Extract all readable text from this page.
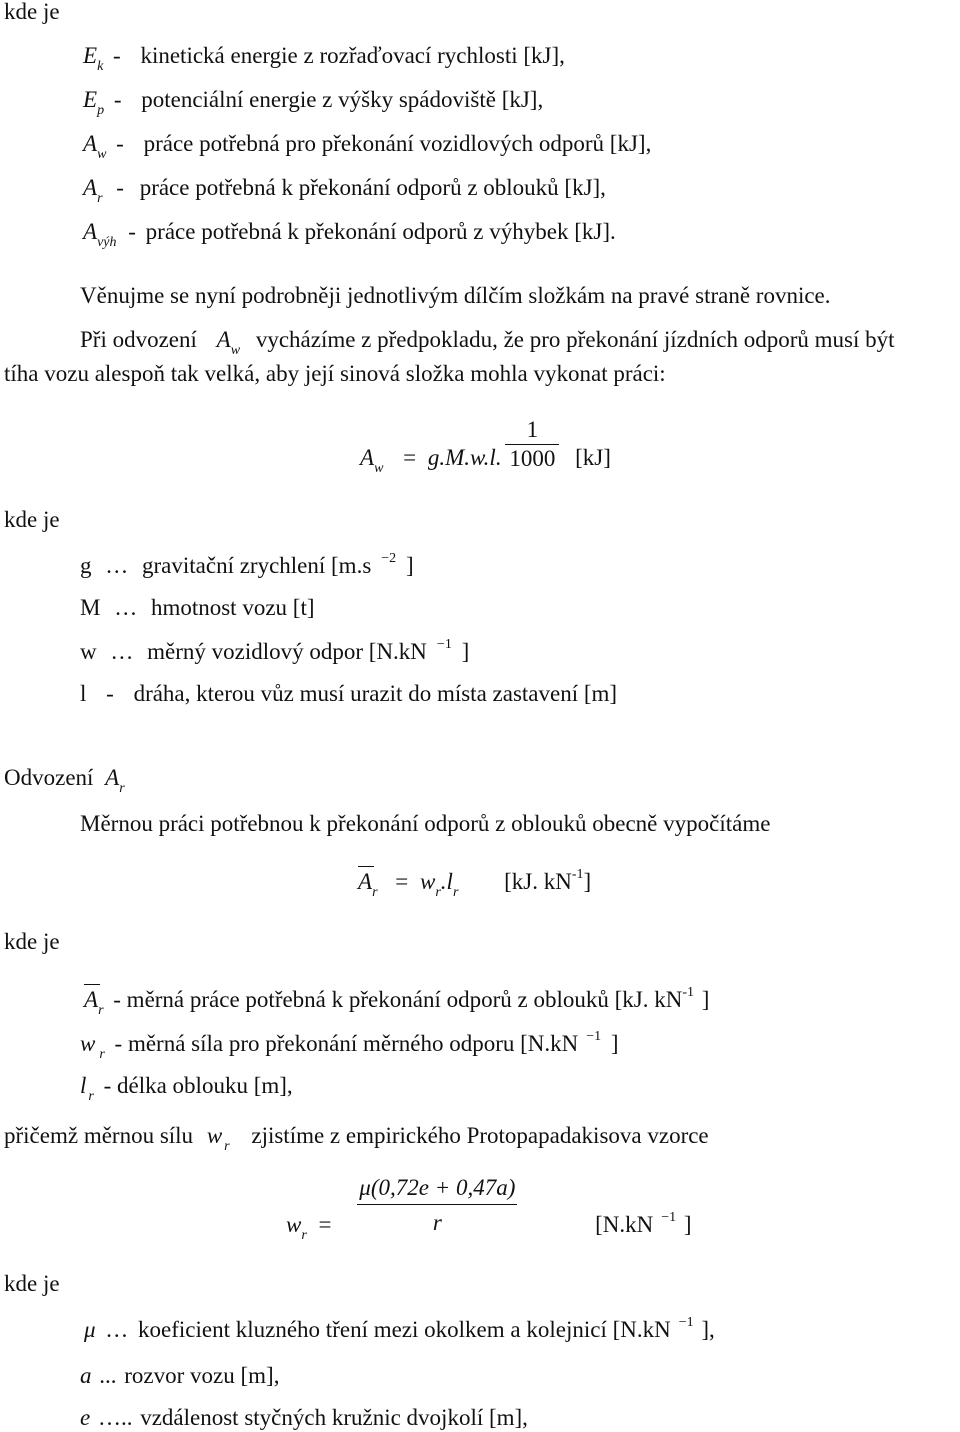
kde je
$E_k$ - kinetická energie z rozřaďovací rychlosti [kJ],
$E_p$ - potenciální energie z výšky spádoviště [kJ],
$A_w$ - práce potřebná pro překonání vozidlových odporů [kJ],
$A_r$ - práce potřebná k překonání odporů z oblouků [kJ],
$A_{výh}$ - práce potřebná k překonání odporů z výhybek [kJ].
Věnujme se nyní podrobněji jednotlivým dílčím složkám na pravé straně rovnice.
Při odvození $A_w$ vycházíme z předpokladu, že pro překonání jízdních odporů musí být
tíha vozu alespoň tak velká, aby její sinová složka mohla vykonat práci:
$A_w = g.M.w.l$. $\frac{1}{1000} [kJ]$
kde je
g … gravitační zrychlení [m.s $^{-2}$ ]
M … hmotnost vozu [t]
w … měrný vozidlový odpor [N.kN $^{-1}$ ]
l - dráha, kterou vůz musí urazit do místa zastavení [m]
Odvození $A_r$
Měrnou práci potřebnou k překonání odporů z oblouků obecně vypočítáme
$A_r = w_r.l_r$ [kJ. $kN^{-1}$]
kde je
$A_r$ - měrná práce potřebná k překonání odporů z oblouků [kJ. $kN^{-1}$ ]
w $_r$ - měrná síla pro překonání měrného odporu [N.kN $^{-1}$ ]
l $_r$ - délka oblouku [m],
přičemž měrnou sílu w $_r$ zjistíme z empirického Protopapadakisova vzorce
$w_r = \frac{\mu(0,72e + 0,47a)}{r}$	[N.kN $_{-1}$ ]
kde je
μ … koeficient kluzného tření mezi okolkem a kolejnicí [N.kN $^{-1}$ ],
a ... rozvor vozu [m],
e ….. vzdálenost styčných kružnic dvojkolí [m],
